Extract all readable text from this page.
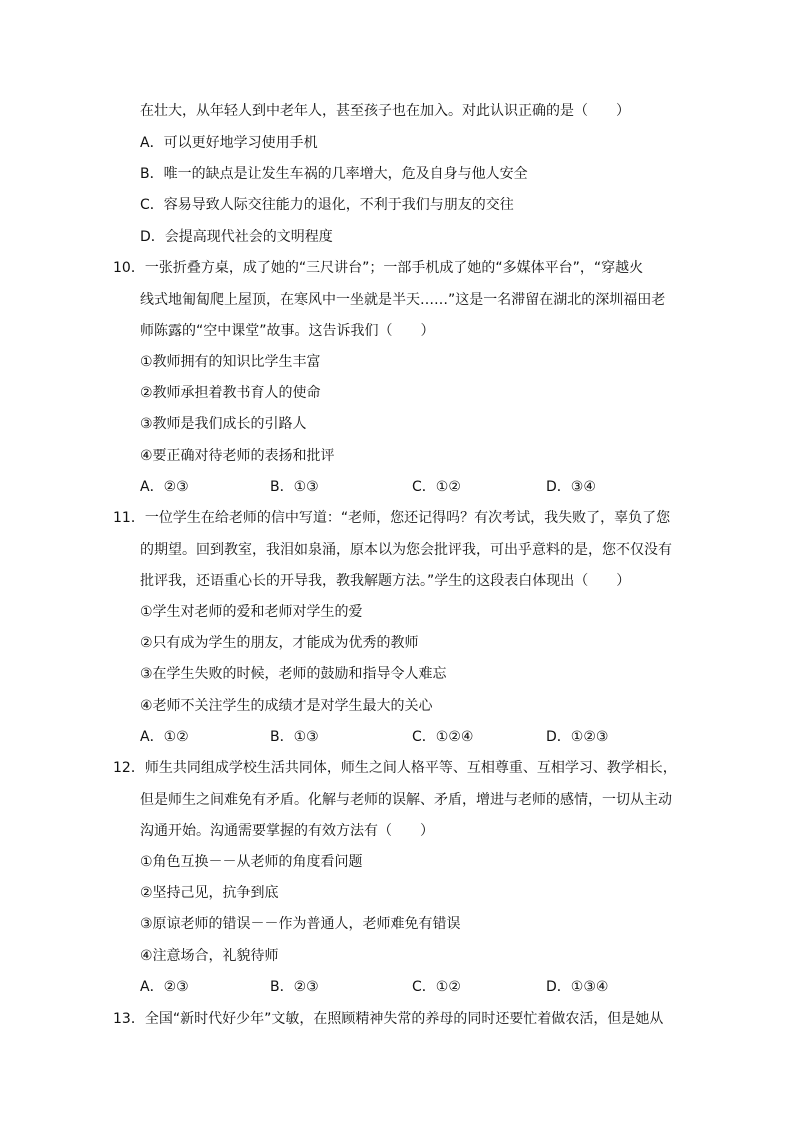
在壮大，从年轻人到中老年人，甚至孩子也在加入。对此认识正确的是（　　）
A．可以更好地学习使用手机
B．唯一的缺点是让发生车祸的几率增大，危及自身与他人安全
C．容易导致人际交往能力的退化，不利于我们与朋友的交往
D．会提高现代社会的文明程度
10．一张折叠方桌，成了她的“三尺讲台”；一部手机成了她的“多媒体平台”，“穿越火
线式地匍匐爬上屋顶，在寒风中一坐就是半天……”这是一名滞留在湖北的深圳福田老
师陈露的“空中课堂”故事。这告诉我们（　　）
①教师拥有的知识比学生丰富
②教师承担着教书育人的使命
③教师是我们成长的引路人
④要正确对待老师的表扬和批评
A．②③	B．①③	C．①②	D．③④
11．一位学生在给老师的信中写道：“老师，您还记得吗？有次考试，我失败了，辜负了您
的期望。回到教室，我泪如泉涌，原本以为您会批评我，可出乎意料的是，您不仅没有
批评我，还语重心长的开导我，教我解题方法。”学生的这段表白体现出（　　）
①学生对老师的爱和老师对学生的爱
②只有成为学生的朋友，才能成为优秀的教师
③在学生失败的时候，老师的鼓励和指导令人难忘
④老师不关注学生的成绩才是对学生最大的关心
A．①②	B．①③	C．①②④	D．①②③
12．师生共同组成学校生活共同体，师生之间人格平等、互相尊重、互相学习、教学相长，
但是师生之间难免有矛盾。化解与老师的误解、矛盾，增进与老师的感情，一切从主动
沟通开始。沟通需要掌握的有效方法有（　　）
①角色互换－－从老师的角度看问题
②坚持己见，抗争到底
③原谅老师的错误－－作为普通人，老师难免有错误
④注意场合，礼貌待师
A．②③	B．②③	C．①②	D．①③④
13．全国“新时代好少年”文敏，在照顾精神失常的养母的同时还要忙着做农活，但是她从
